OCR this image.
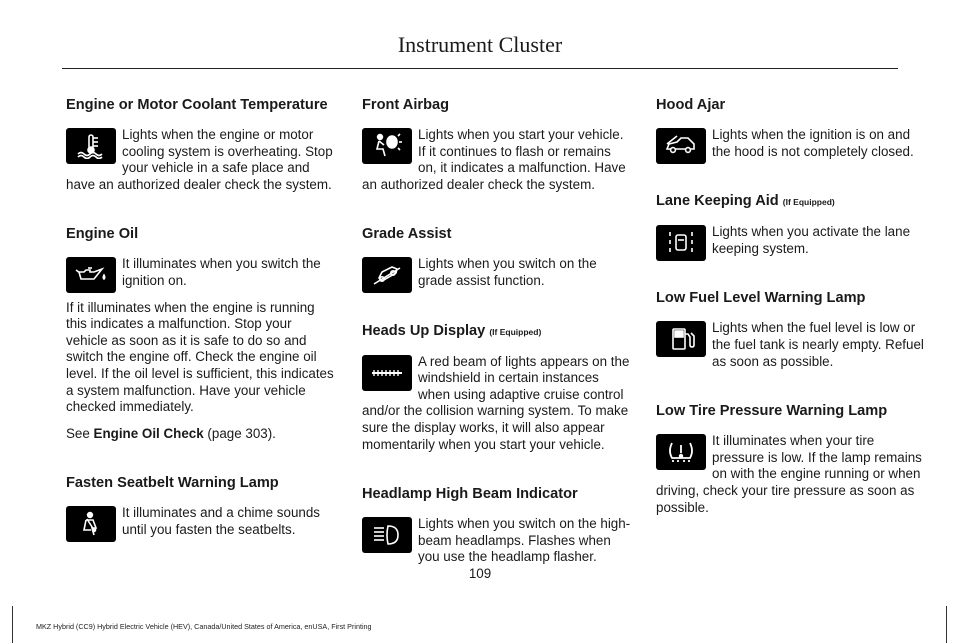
Instrument Cluster
Engine or Motor Coolant Temperature

Lights when the engine or motor cooling system is overheating. Stop your vehicle in a safe place and have an authorized dealer check the system.

Engine Oil

It illuminates when you switch the ignition on.

If it illuminates when the engine is running this indicates a malfunction. Stop your vehicle as soon as it is safe to do so and switch the engine off. Check the engine oil level. If the oil level is sufficient, this indicates a system malfunction. Have your vehicle checked immediately.

See Engine Oil Check (page 303).

Fasten Seatbelt Warning Lamp

It illuminates and a chime sounds until you fasten the seatbelts.

Front Airbag

Lights when you start your vehicle. If it continues to flash or remains on, it indicates a malfunction. Have an authorized dealer check the system.

Grade Assist

Lights when you switch on the grade assist function.

Heads Up Display (If Equipped)

A red beam of lights appears on the windshield in certain instances when using adaptive cruise control and/or the collision warning system. To make sure the display works, it will also appear momentarily when you start your vehicle.

Headlamp High Beam Indicator

Lights when you switch on the high-beam headlamps. Flashes when you use the headlamp flasher.

Hood Ajar

Lights when the ignition is on and the hood is not completely closed.

Lane Keeping Aid (If Equipped)

Lights when you activate the lane keeping system.

Low Fuel Level Warning Lamp

Lights when the fuel level is low or the fuel tank is nearly empty. Refuel as soon as possible.

Low Tire Pressure Warning Lamp

It illuminates when your tire pressure is low. If the lamp remains on with the engine running or when driving, check your tire pressure as soon as possible.

109
MKZ Hybrid (CC9) Hybrid Electric Vehicle (HEV), Canada/United States of America, enUSA, First Printing
